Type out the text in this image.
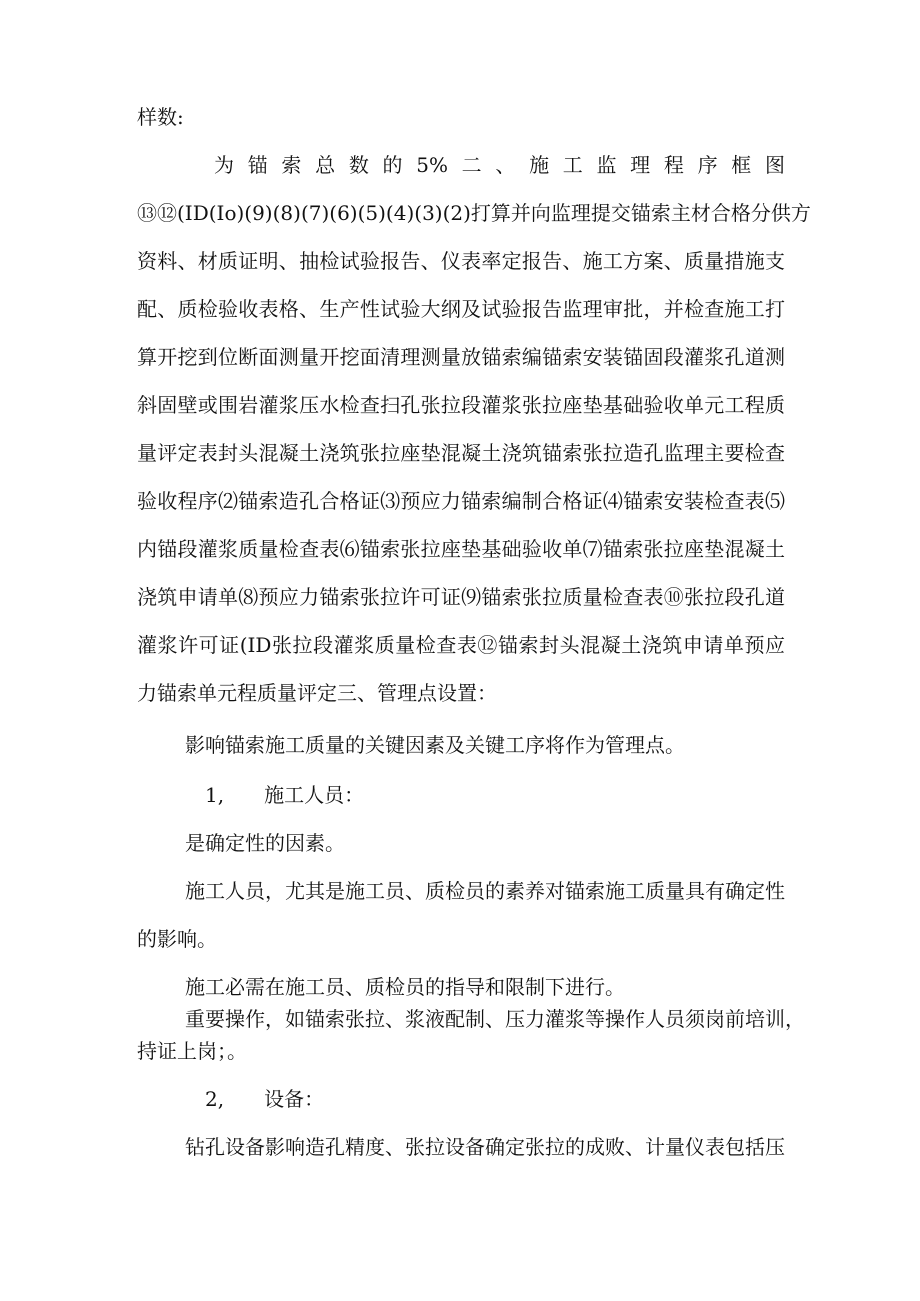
样数:
为锚索总数的5%二、施工监理程序框图
⑬⑫(ID(Io)(9)(8)(7)(6)(5)(4)(3)(2)打算并向监理提交锚索主材合格分供方
资料、材质证明、抽检试验报告、仪表率定报告、施工方案、质量措施支
配、质检验收表格、生产性试验大纲及试验报告监理审批，并检查施工打
算开挖到位断面测量开挖面清理测量放锚索编锚索安装锚固段灌浆孔道测
斜固壁或围岩灌浆压水检查扫孔张拉段灌浆张拉座垫基础验收单元工程质
量评定表封头混凝土浇筑张拉座垫混凝土浇筑锚索张拉造孔监理主要检查
验收程序⑵锚索造孔合格证⑶预应力锚索编制合格证⑷锚索安装检查表⑸
内锚段灌浆质量检查表⑹锚索张拉座垫基础验收单⑺锚索张拉座垫混凝土
浇筑申请单⑻预应力锚索张拉许可证⑼锚索张拉质量检查表⑩张拉段孔道
灌浆许可证(ID张拉段灌浆质量检查表⑫锚索封头混凝土浇筑申请单预应
力锚索单元程质量评定三、管理点设置：
影响锚索施工质量的关键因素及关键工序将作为管理点。
1, 施工人员：
是确定性的因素。
施工人员，尤其是施工员、质检员的素养对锚索施工质量具有确定性
的影响。
施工必需在施工员、质检员的指导和限制下进行。
重要操作，如锚索张拉、浆液配制、压力灌浆等操作人员须岗前培训，
持证上岗；。
2, 设备：
钻孔设备影响造孔精度、张拉设备确定张拉的成败、计量仪表包括压
